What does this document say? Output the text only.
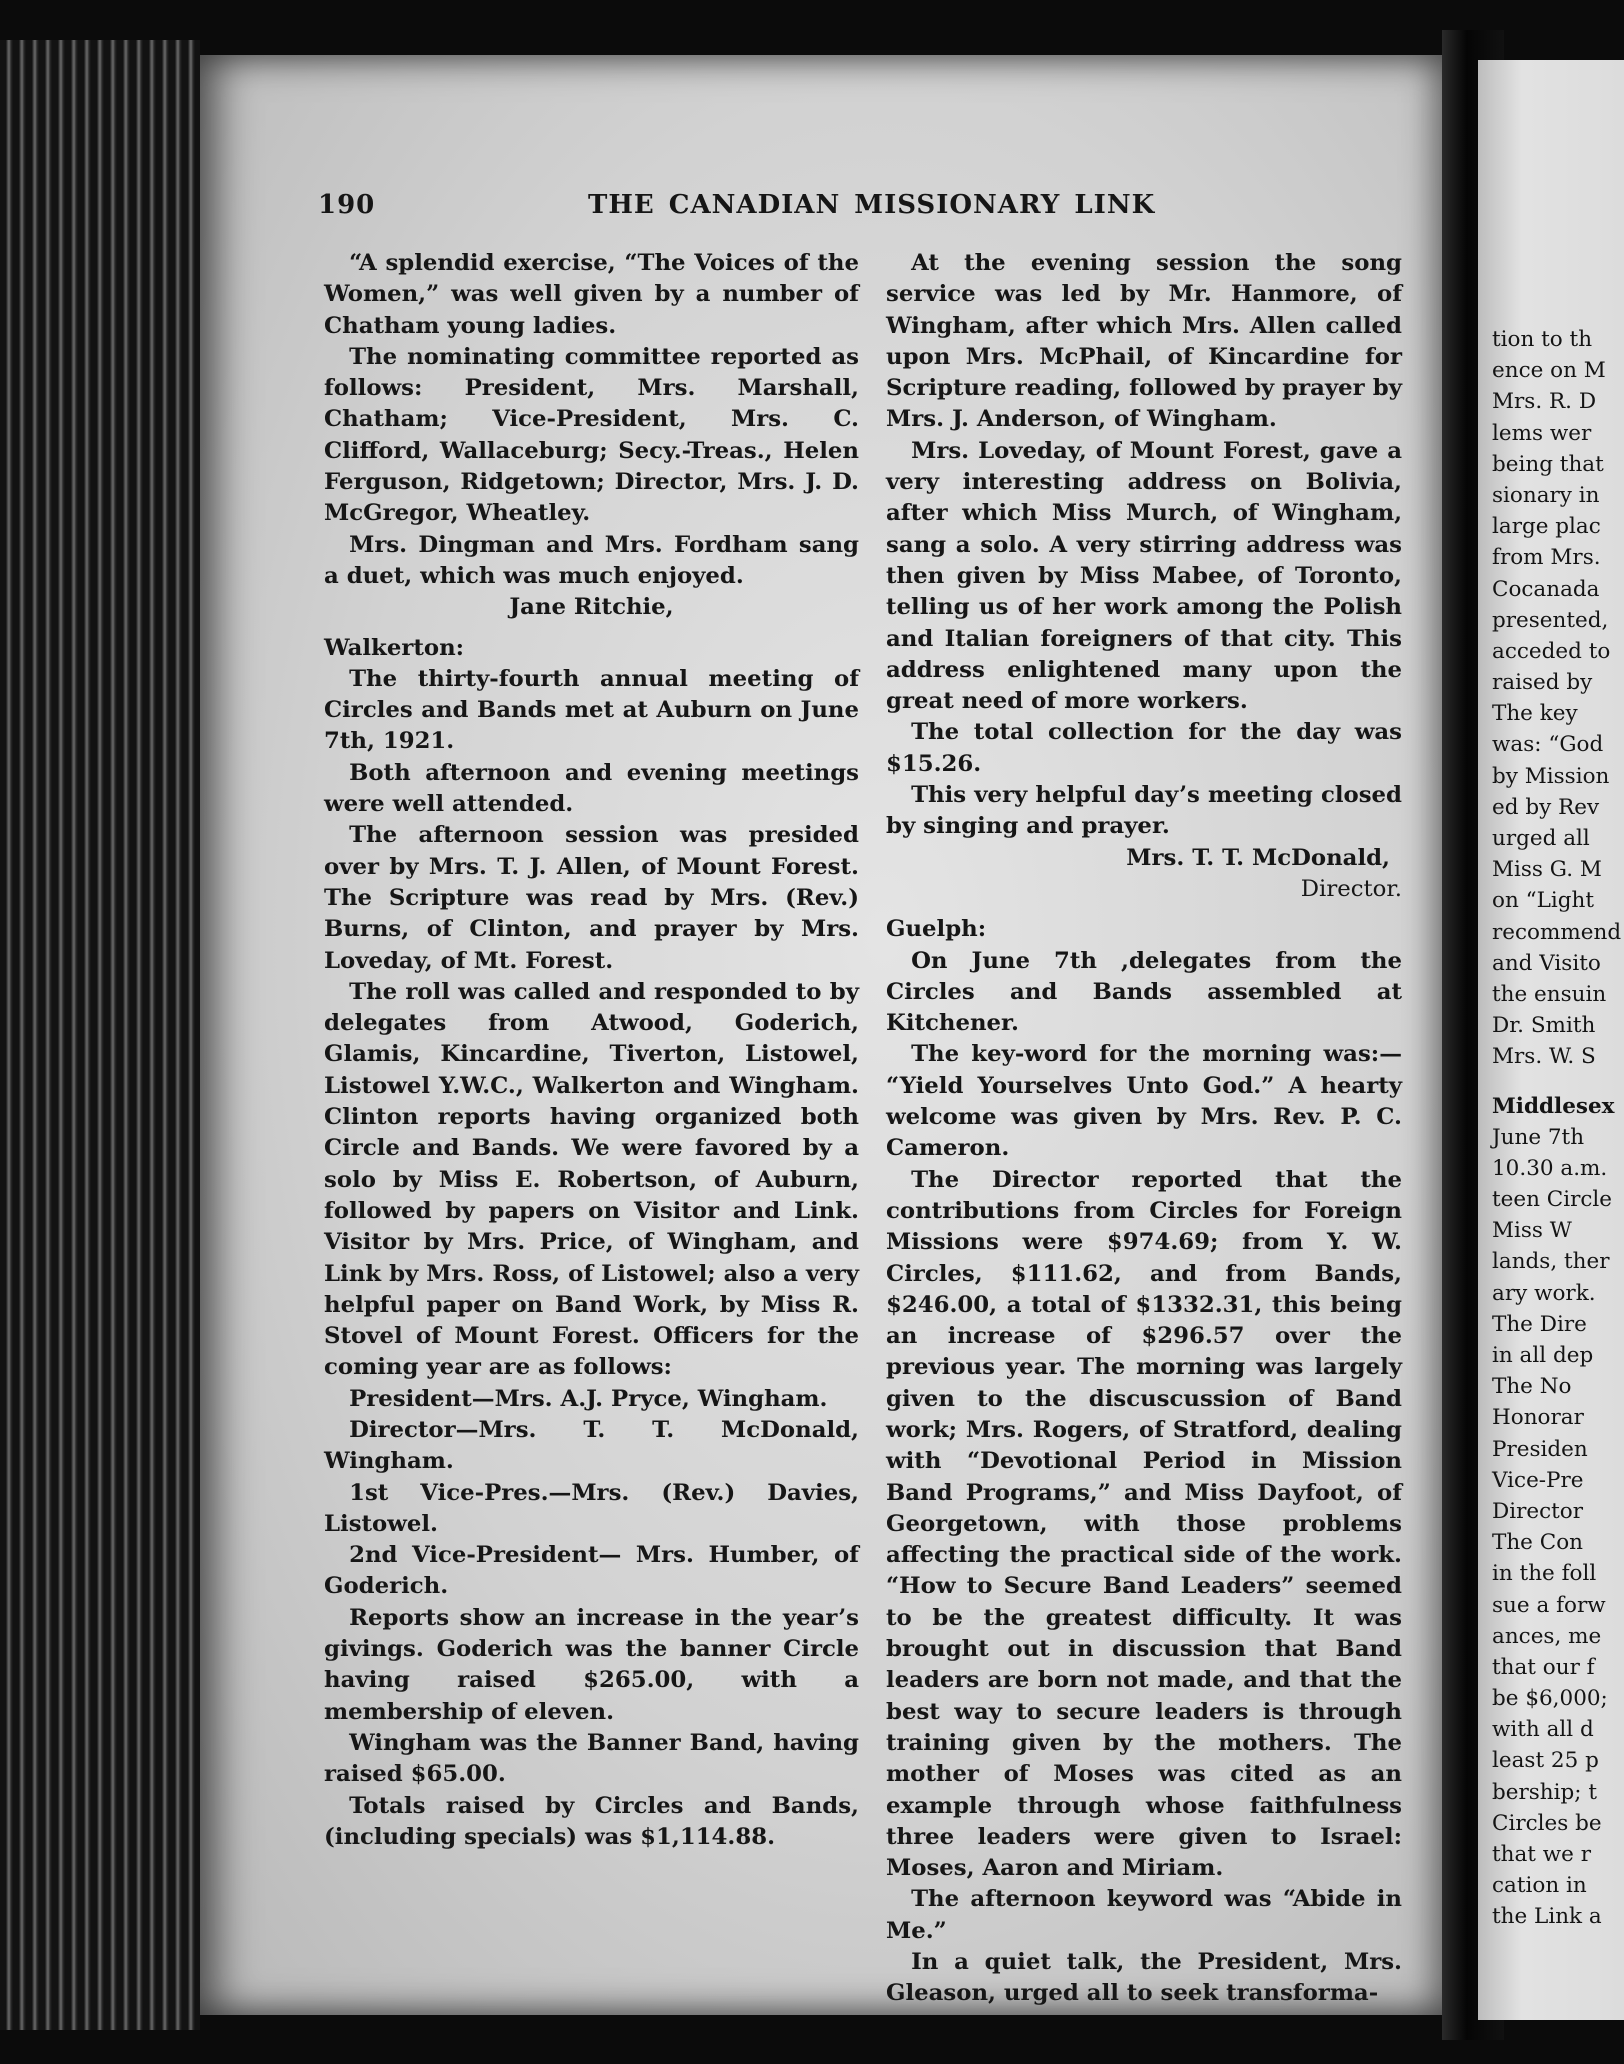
tion to th
ence on M
Mrs. R. D
lems wer
being that
sionary in
large plac
from Mrs.
Cocanada
presented,
acceded to
raised by
The key
was: “God
by Mission
ed by Rev
urged all
Miss G. M
on “Light
recommend
and Visito
the ensuin
Dr. Smith
Mrs. W. S
Middlesex
June 7th
10.30 a.m.
teen Circle
Miss W
lands, ther
ary work.
The Dire
in all dep
The No
Honorar
Presiden
Vice-Pre
Director
The Con
in the foll
sue a forw
ances, me
that our f
be $6,000;
with all d
least 25 p
bership; t
Circles be
that we r
cation in
the Link a
190	THE CANADIAN MISSIONARY LINK

“A splendid exercise, “The Voices of the Women,” was well given by a number of Chatham young ladies.

The nominating committee reported as follows: President, Mrs. Marshall, Chatham; Vice-President, Mrs. C. Clifford, Wallaceburg; Secy.-Treas., Helen Ferguson, Ridgetown; Director, Mrs. J. D. McGregor, Wheatley.

Mrs. Dingman and Mrs. Fordham sang a duet, which was much enjoyed.

Jane Ritchie,

Walkerton:

The thirty-fourth annual meeting of Circles and Bands met at Auburn on June 7th, 1921.

Both afternoon and evening meetings were well attended.

The afternoon session was presided over by Mrs. T. J. Allen, of Mount Forest. The Scripture was read by Mrs. (Rev.) Burns, of Clinton, and prayer by Mrs. Loveday, of Mt. Forest.

The roll was called and responded to by delegates from Atwood, Goderich, Glamis, Kincardine, Tiverton, Listowel, Listowel Y.W.C., Walkerton and Wingham. Clinton reports having organized both Circle and Bands. We were favored by a solo by Miss E. Robertson, of Auburn, followed by papers on Visitor and Link. Visitor by Mrs. Price, of Wingham, and Link by Mrs. Ross, of Listowel; also a very helpful paper on Band Work, by Miss R. Stovel of Mount Forest. Officers for the coming year are as follows:

President—Mrs. A.J. Pryce, Wingham.

Director—Mrs. T. T. McDonald, Wingham.

1st Vice-Pres.—Mrs. (Rev.) Davies, Listowel.

2nd Vice-President— Mrs. Humber, of Goderich.

Reports show an increase in the year’s givings. Goderich was the banner Circle having raised $265.00, with a membership of eleven.

Wingham was the Banner Band, having raised $65.00.

Totals raised by Circles and Bands, (including specials) was $1,114.88.

At the evening session the song service was led by Mr. Hanmore, of Wingham, after which Mrs. Allen called upon Mrs. McPhail, of Kincardine for Scripture reading, followed by prayer by Mrs. J. Anderson, of Wingham.

Mrs. Loveday, of Mount Forest, gave a very interesting address on Bolivia, after which Miss Murch, of Wingham, sang a solo. A very stirring address was then given by Miss Mabee, of Toronto, telling us of her work among the Polish and Italian foreigners of that city. This address enlightened many upon the great need of more workers.

The total collection for the day was $15.26.

This very helpful day’s meeting closed by singing and prayer.

Mrs. T. T. McDonald,

Director.

Guelph:

On June 7th ,delegates from the Circles and Bands assembled at Kitchener.

The key-word for the morning was:— “Yield Yourselves Unto God.” A hearty welcome was given by Mrs. Rev. P. C. Cameron.

The Director reported that the contributions from Circles for Foreign Missions were $974.69; from Y. W. Circles, $111.62, and from Bands, $246.00, a total of $1332.31, this being an increase of $296.57 over the previous year. The morning was largely given to the discuscussion of Band work; Mrs. Rogers, of Stratford, dealing with “Devotional Period in Mission Band Programs,” and Miss Dayfoot, of Georgetown, with those problems affecting the practical side of the work. “How to Secure Band Leaders” seemed to be the greatest difficulty. It was brought out in discussion that Band leaders are born not made, and that the best way to secure leaders is through training given by the mothers. The mother of Moses was cited as an example through whose faithfulness three leaders were given to Israel: Moses, Aaron and Miriam.

The afternoon keyword was “Abide in Me.”

In a quiet talk, the President, Mrs. Gleason, urged all to seek transforma-
